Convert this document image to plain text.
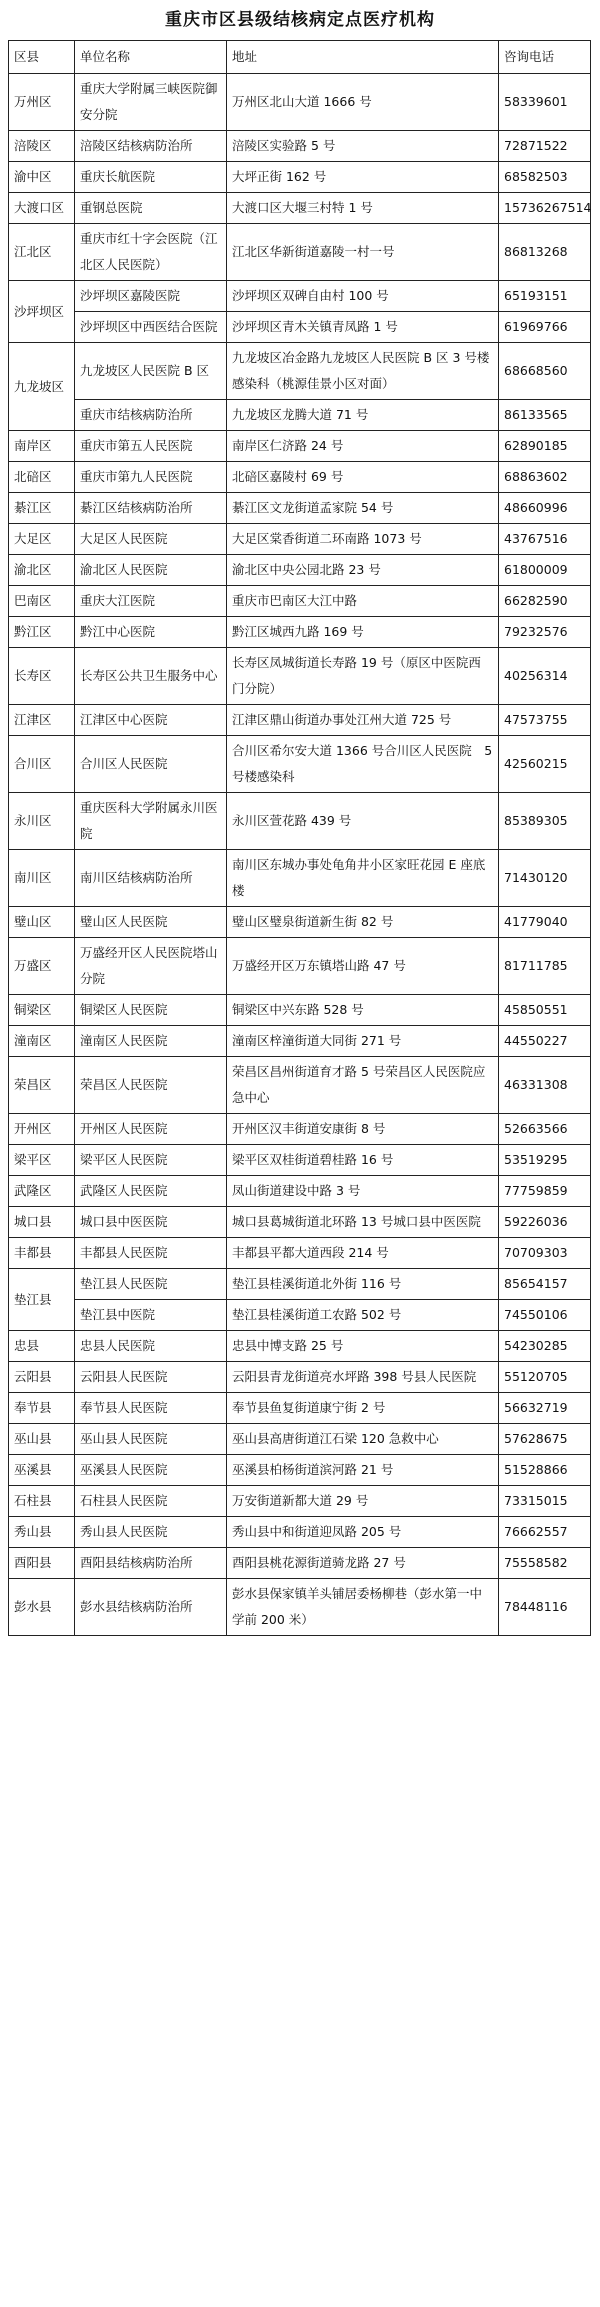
重庆市区县级结核病定点医疗机构
区县	单位名称	地址	咨询电话
万州区	重庆大学附属三峡医院御安分院	万州区北山大道 1666 号	58339601
涪陵区	涪陵区结核病防治所	涪陵区实验路 5 号	72871522
渝中区	重庆长航医院	大坪正街 162 号	68582503
大渡口区	重钢总医院	大渡口区大堰三村特 1 号	15736267514
江北区	重庆市红十字会医院（江北区人民医院）	江北区华新街道嘉陵一村一号	86813268
沙坪坝区	沙坪坝区嘉陵医院	沙坪坝区双碑自由村 100 号	65193151
	沙坪坝区中西医结合医院	沙坪坝区青木关镇青凤路 1 号	61969766
九龙坡区	九龙坡区人民医院 B 区	九龙坡区冶金路九龙坡区人民医院 B 区 3 号楼感染科（桃源佳景小区对面）	68668560
	重庆市结核病防治所	九龙坡区龙腾大道 71 号	86133565
南岸区	重庆市第五人民医院	南岸区仁济路 24 号	62890185
北碚区	重庆市第九人民医院	北碚区嘉陵村 69 号	68863602
綦江区	綦江区结核病防治所	綦江区文龙街道孟家院 54 号	48660996
大足区	大足区人民医院	大足区棠香街道二环南路 1073 号	43767516
渝北区	渝北区人民医院	渝北区中央公园北路 23 号	61800009
巴南区	重庆大江医院	重庆市巴南区大江中路	66282590
黔江区	黔江中心医院	黔江区城西九路 169 号	79232576
长寿区	长寿区公共卫生服务中心	长寿区凤城街道长寿路 19 号（原区中医院西门分院）	40256314
江津区	江津区中心医院	江津区鼎山街道办事处江州大道 725 号	47573755
合川区	合川区人民医院	合川区希尔安大道 1366 号合川区人民医院　5 号楼感染科	42560215
永川区	重庆医科大学附属永川医院	永川区萱花路 439 号	85389305
南川区	南川区结核病防治所	南川区东城办事处龟角井小区家旺花园 E 座底楼	71430120
璧山区	璧山区人民医院	璧山区璧泉街道新生街 82 号	41779040
万盛区	万盛经开区人民医院塔山分院	万盛经开区万东镇塔山路 47 号	81711785
铜梁区	铜梁区人民医院	铜梁区中兴东路 528 号	45850551
潼南区	潼南区人民医院	潼南区梓潼街道大同街 271 号	44550227
荣昌区	荣昌区人民医院	荣昌区昌州街道育才路 5 号荣昌区人民医院应急中心	46331308
开州区	开州区人民医院	开州区汉丰街道安康街 8 号	52663566
梁平区	梁平区人民医院	梁平区双桂街道碧桂路 16 号	53519295
武隆区	武隆区人民医院	凤山街道建设中路 3 号	77759859
城口县	城口县中医医院	城口县葛城街道北环路 13 号城口县中医医院	59226036
丰都县	丰都县人民医院	丰都县平都大道西段 214 号	70709303
垫江县	垫江县人民医院	垫江县桂溪街道北外街 116 号	85654157
	垫江县中医院	垫江县桂溪街道工农路 502 号	74550106
忠县	忠县人民医院	忠县中博支路 25 号	54230285
云阳县	云阳县人民医院	云阳县青龙街道亮水坪路 398 号县人民医院	55120705
奉节县	奉节县人民医院	奉节县鱼复街道康宁街 2 号	56632719
巫山县	巫山县人民医院	巫山县高唐街道江石梁 120 急救中心	57628675
巫溪县	巫溪县人民医院	巫溪县柏杨街道滨河路 21 号	51528866
石柱县	石柱县人民医院	万安街道新都大道 29 号	73315015
秀山县	秀山县人民医院	秀山县中和街道迎凤路 205 号	76662557
酉阳县	酉阳县结核病防治所	酉阳县桃花源街道骑龙路 27 号	75558582
彭水县	彭水县结核病防治所	彭水县保家镇羊头铺居委杨柳巷（彭水第一中学前 200 米）	78448116
